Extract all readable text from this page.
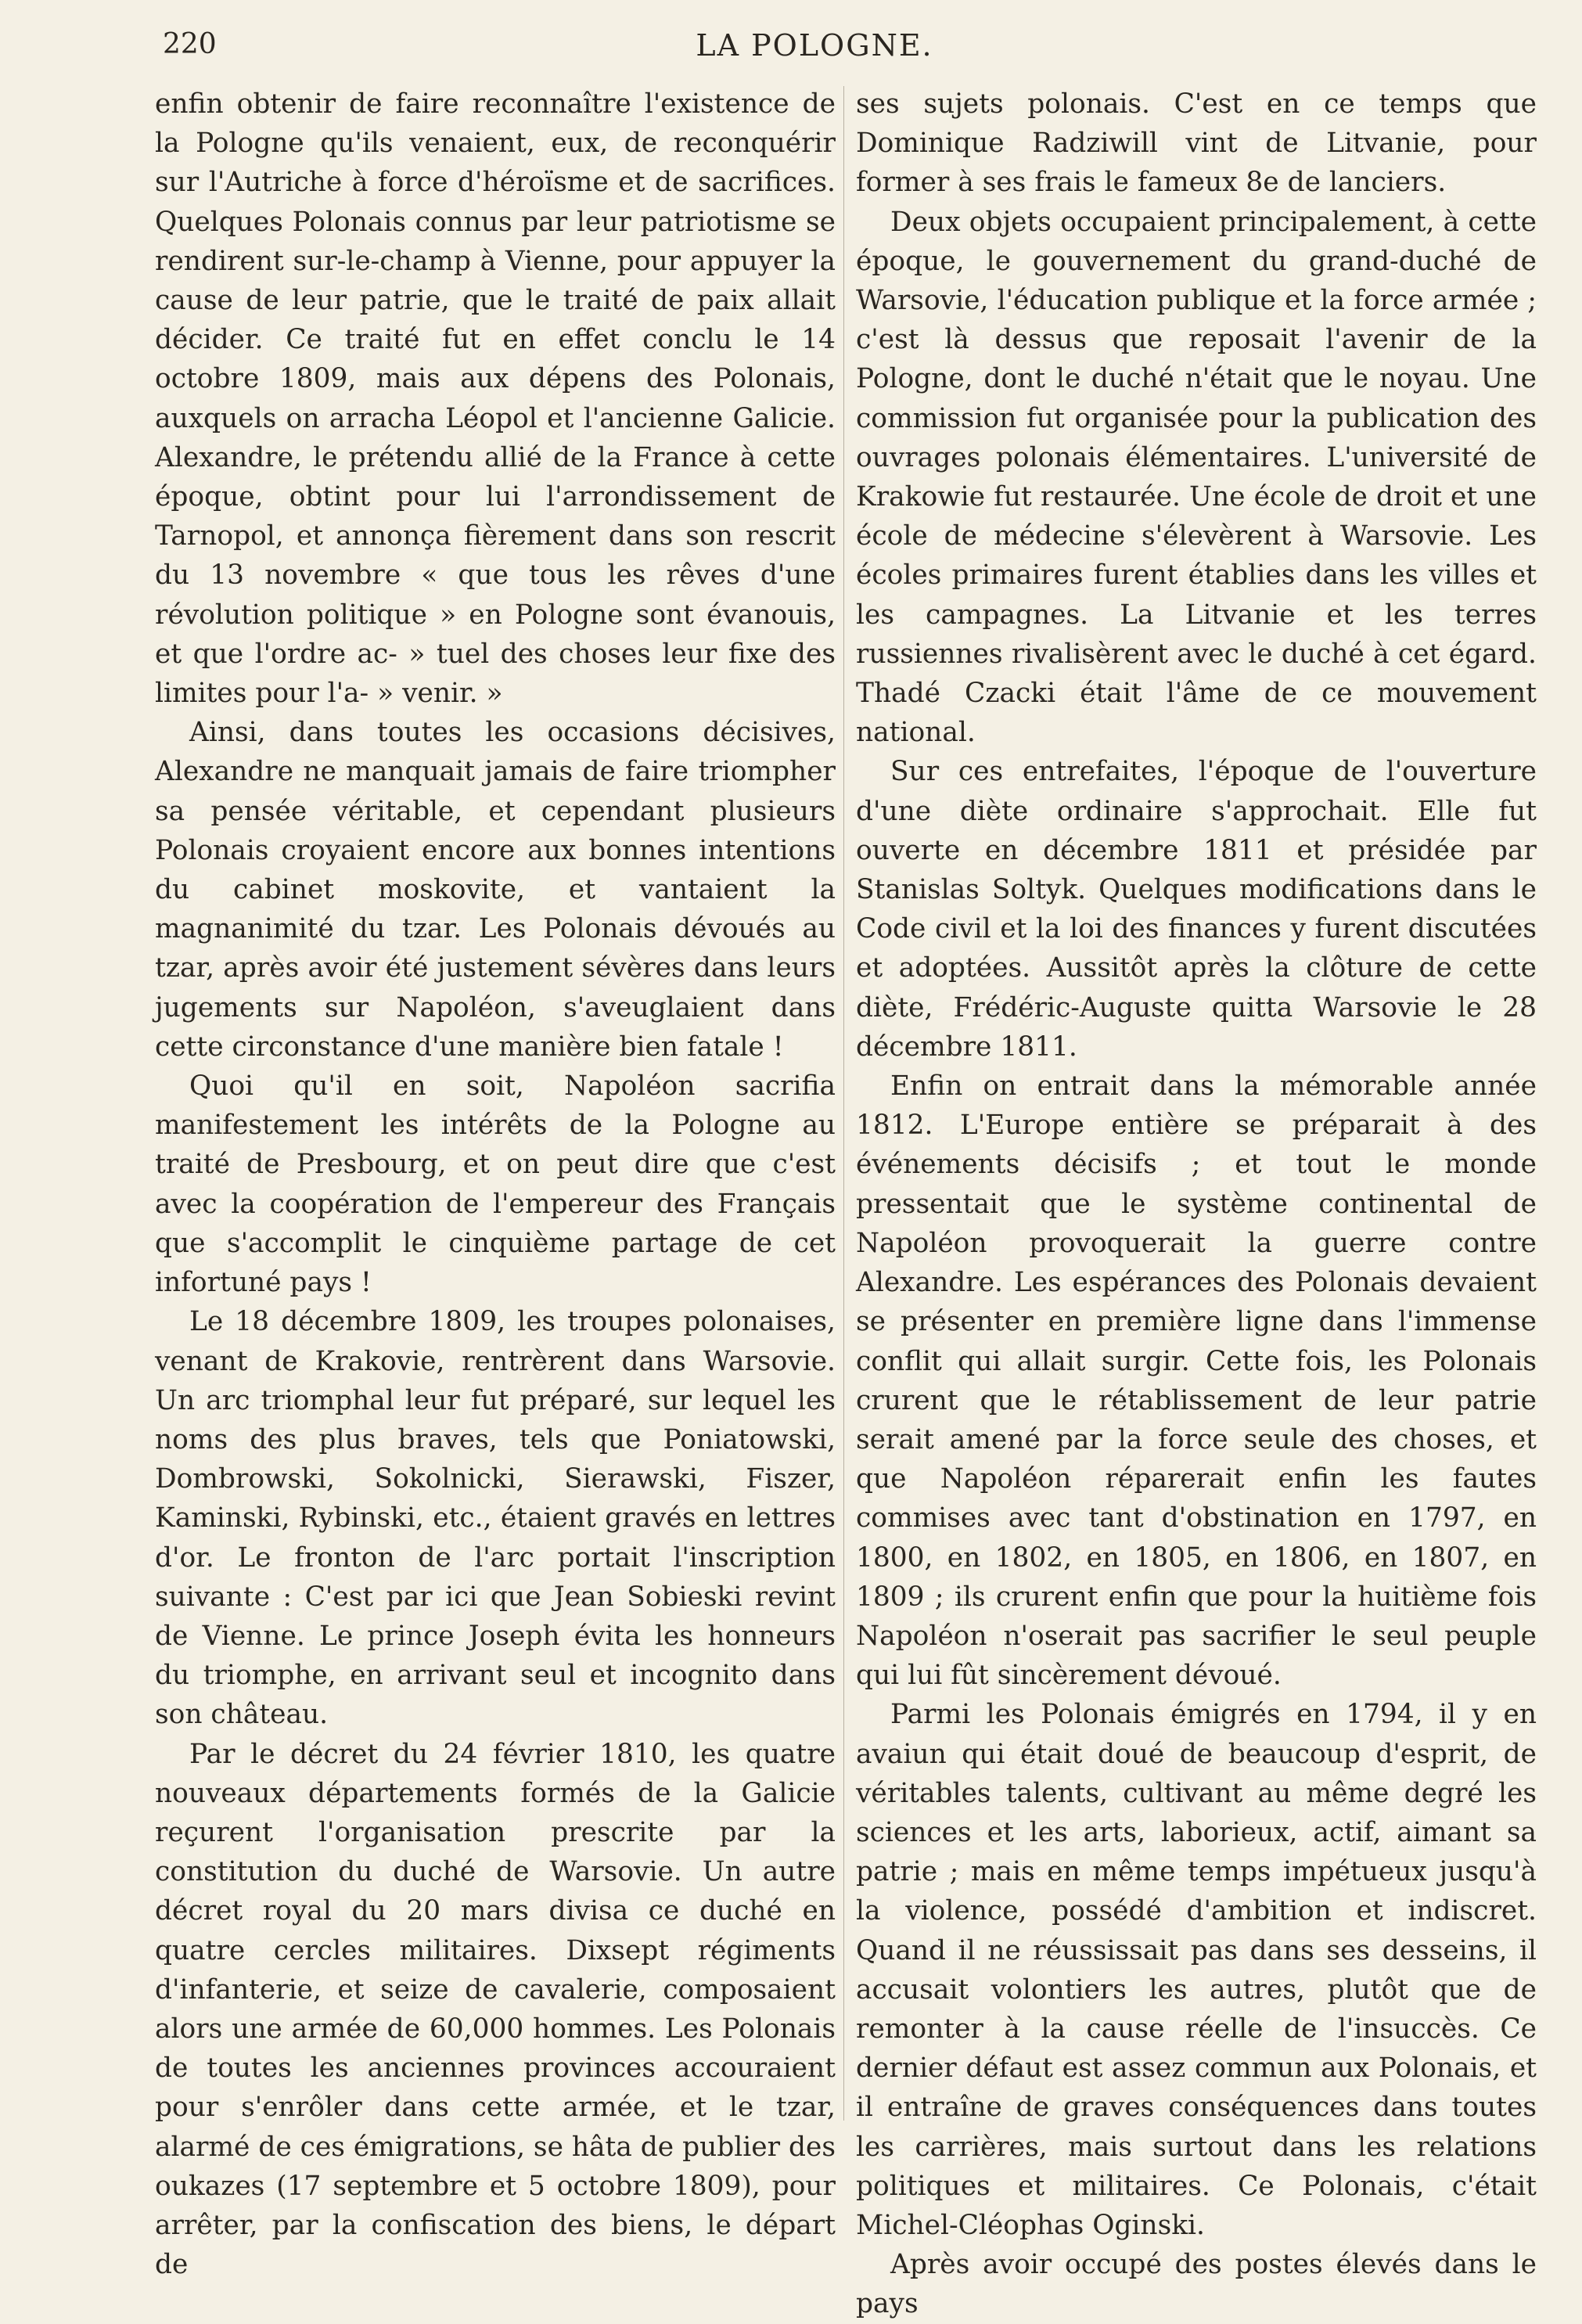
220	LA POLOGNE.

enfin obtenir de faire reconnaître l'existence de la Pologne qu'ils venaient, eux, de reconquérir sur l'Autriche à force d'héroïsme et de sacrifices. Quelques Polonais connus par leur patriotisme se rendirent sur-le-champ à Vienne, pour appuyer la cause de leur patrie, que le traité de paix allait décider. Ce traité fut en effet conclu le 14 octobre 1809, mais aux dépens des Polonais, auxquels on arracha Léopol et l'ancienne Galicie. Alexandre, le prétendu allié de la France à cette époque, obtint pour lui l'arrondissement de Tarnopol, et annonça fièrement dans son rescrit du 13 novembre « que tous les rêves d'une révolution politique » en Pologne sont évanouis, et que l'ordre ac- » tuel des choses leur fixe des limites pour l'a- » venir. »

Ainsi, dans toutes les occasions décisives, Alexandre ne manquait jamais de faire triompher sa pensée véritable, et cependant plusieurs Polonais croyaient encore aux bonnes intentions du cabinet moskovite, et vantaient la magnanimité du tzar. Les Polonais dévoués au tzar, après avoir été justement sévères dans leurs jugements sur Napoléon, s'aveuglaient dans cette circonstance d'une manière bien fatale !

Quoi qu'il en soit, Napoléon sacrifia manifestement les intérêts de la Pologne au traité de Presbourg, et on peut dire que c'est avec la coopération de l'empereur des Français que s'accomplit le cinquième partage de cet infortuné pays !

Le 18 décembre 1809, les troupes polonaises, venant de Krakovie, rentrèrent dans Warsovie. Un arc triomphal leur fut préparé, sur lequel les noms des plus braves, tels que Poniatowski, Dombrowski, Sokolnicki, Sierawski, Fiszer, Kaminski, Rybinski, etc., étaient gravés en lettres d'or. Le fronton de l'arc portait l'inscription suivante : C'est par ici que Jean Sobieski revint de Vienne. Le prince Joseph évita les honneurs du triomphe, en arrivant seul et incognito dans son château.

Par le décret du 24 février 1810, les quatre nouveaux départements formés de la Galicie reçurent l'organisation prescrite par la constitution du duché de Warsovie. Un autre décret royal du 20 mars divisa ce duché en quatre cercles militaires. Dixsept régiments d'infanterie, et seize de cavalerie, composaient alors une armée de 60,000 hommes. Les Polonais de toutes les anciennes provinces accouraient pour s'enrôler dans cette armée, et le tzar, alarmé de ces émigrations, se hâta de publier des oukazes (17 septembre et 5 octobre 1809), pour arrêter, par la confiscation des biens, le départ de

ses sujets polonais. C'est en ce temps que Dominique Radziwill vint de Litvanie, pour former à ses frais le fameux 8e de lanciers.

Deux objets occupaient principalement, à cette époque, le gouvernement du grand-duché de Warsovie, l'éducation publique et la force armée ; c'est là dessus que reposait l'avenir de la Pologne, dont le duché n'était que le noyau. Une commission fut organisée pour la publication des ouvrages polonais élémentaires. L'université de Krakowie fut restaurée. Une école de droit et une école de médecine s'élevèrent à Warsovie. Les écoles primaires furent établies dans les villes et les campagnes. La Litvanie et les terres russiennes rivalisèrent avec le duché à cet égard. Thadé Czacki était l'âme de ce mouvement national.

Sur ces entrefaites, l'époque de l'ouverture d'une diète ordinaire s'approchait. Elle fut ouverte en décembre 1811 et présidée par Stanislas Soltyk. Quelques modifications dans le Code civil et la loi des finances y furent discutées et adoptées. Aussitôt après la clôture de cette diète, Frédéric-Auguste quitta Warsovie le 28 décembre 1811.

Enfin on entrait dans la mémorable année 1812. L'Europe entière se préparait à des événements décisifs ; et tout le monde pressentait que le système continental de Napoléon provoquerait la guerre contre Alexandre. Les espérances des Polonais devaient se présenter en première ligne dans l'immense conflit qui allait surgir. Cette fois, les Polonais crurent que le rétablissement de leur patrie serait amené par la force seule des choses, et que Napoléon réparerait enfin les fautes commises avec tant d'obstination en 1797, en 1800, en 1802, en 1805, en 1806, en 1807, en 1809 ; ils crurent enfin que pour la huitième fois Napoléon n'oserait pas sacrifier le seul peuple qui lui fût sincèrement dévoué.

Parmi les Polonais émigrés en 1794, il y en avaiun qui était doué de beaucoup d'esprit, de véritables talents, cultivant au même degré les sciences et les arts, laborieux, actif, aimant sa patrie ; mais en même temps impétueux jusqu'à la violence, possédé d'ambition et indiscret. Quand il ne réussissait pas dans ses desseins, il accusait volontiers les autres, plutôt que de remonter à la cause réelle de l'insuccès. Ce dernier défaut est assez commun aux Polonais, et il entraîne de graves conséquences dans toutes les carrières, mais surtout dans les relations politiques et militaires. Ce Polonais, c'était Michel-Cléophas Oginski.

Après avoir occupé des postes élevés dans le pays
